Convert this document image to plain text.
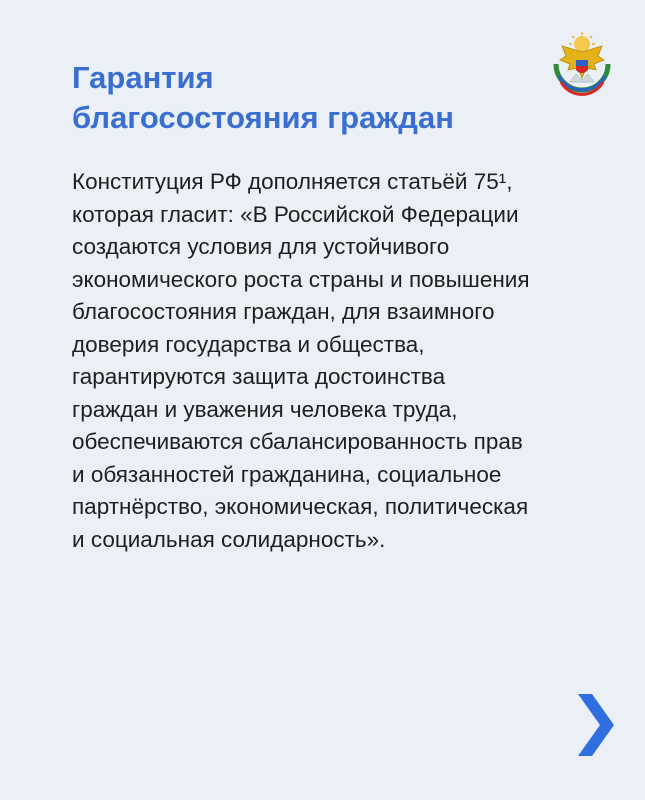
Гарантия
благосостояния граждан
Конституция РФ дополняется статьёй 75¹,
которая гласит: «В Российской Федерации
создаются условия для устойчивого
экономического роста страны и повышения
благосостояния граждан, для взаимного
доверия государства и общества,
гарантируются защита достоинства
граждан и уважения человека труда,
обеспечиваются сбалансированность прав
и обязанностей гражданина, социальное
партнёрство, экономическая, политическая
и социальная солидарность».
